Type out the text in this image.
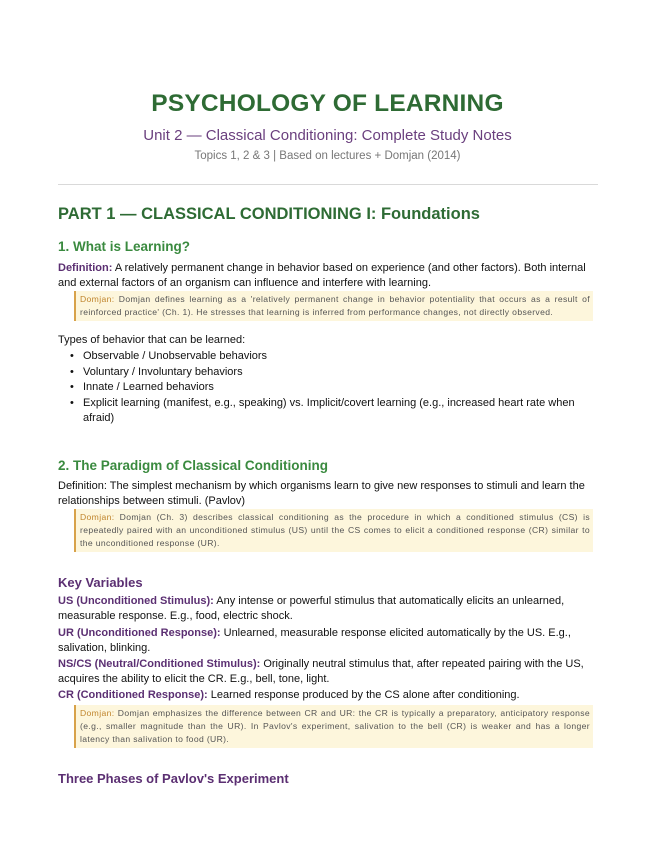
PSYCHOLOGY OF LEARNING
Unit 2 — Classical Conditioning: Complete Study Notes
Topics 1, 2 & 3 | Based on lectures + Domjan (2014)
PART 1 — CLASSICAL CONDITIONING I: Foundations
1. What is Learning?

Definition: A relatively permanent change in behavior based on experience (and other factors). Both internal and external factors of an organism can influence and interfere with learning.

Domjan: Domjan defines learning as a 'relatively permanent change in behavior potentiality that occurs as a result of reinforced practice' (Ch. 1). He stresses that learning is inferred from performance changes, not directly observed.

Types of behavior that can be learned:

• Observable / Unobservable behaviors
• Voluntary / Involuntary behaviors
• Innate / Learned behaviors
• Explicit learning (manifest, e.g., speaking) vs. Implicit/covert learning (e.g., increased heart rate when afraid)
2. The Paradigm of Classical Conditioning

Definition: The simplest mechanism by which organisms learn to give new responses to stimuli and learn the relationships between stimuli. (Pavlov)

Domjan: Domjan (Ch. 3) describes classical conditioning as the procedure in which a conditioned stimulus (CS) is repeatedly paired with an unconditioned stimulus (US) until the CS comes to elicit a conditioned response (CR) similar to the unconditioned response (UR).
Key Variables

US (Unconditioned Stimulus): Any intense or powerful stimulus that automatically elicits an unlearned, measurable response. E.g., food, electric shock.

UR (Unconditioned Response): Unlearned, measurable response elicited automatically by the US. E.g., salivation, blinking.

NS/CS (Neutral/Conditioned Stimulus): Originally neutral stimulus that, after repeated pairing with the US, acquires the ability to elicit the CR. E.g., bell, tone, light.

CR (Conditioned Response): Learned response produced by the CS alone after conditioning.

Domjan: Domjan emphasizes the difference between CR and UR: the CR is typically a preparatory, anticipatory response (e.g., smaller magnitude than the UR). In Pavlov's experiment, salivation to the bell (CR) is weaker and has a longer latency than salivation to food (UR).
Three Phases of Pavlov's Experiment
